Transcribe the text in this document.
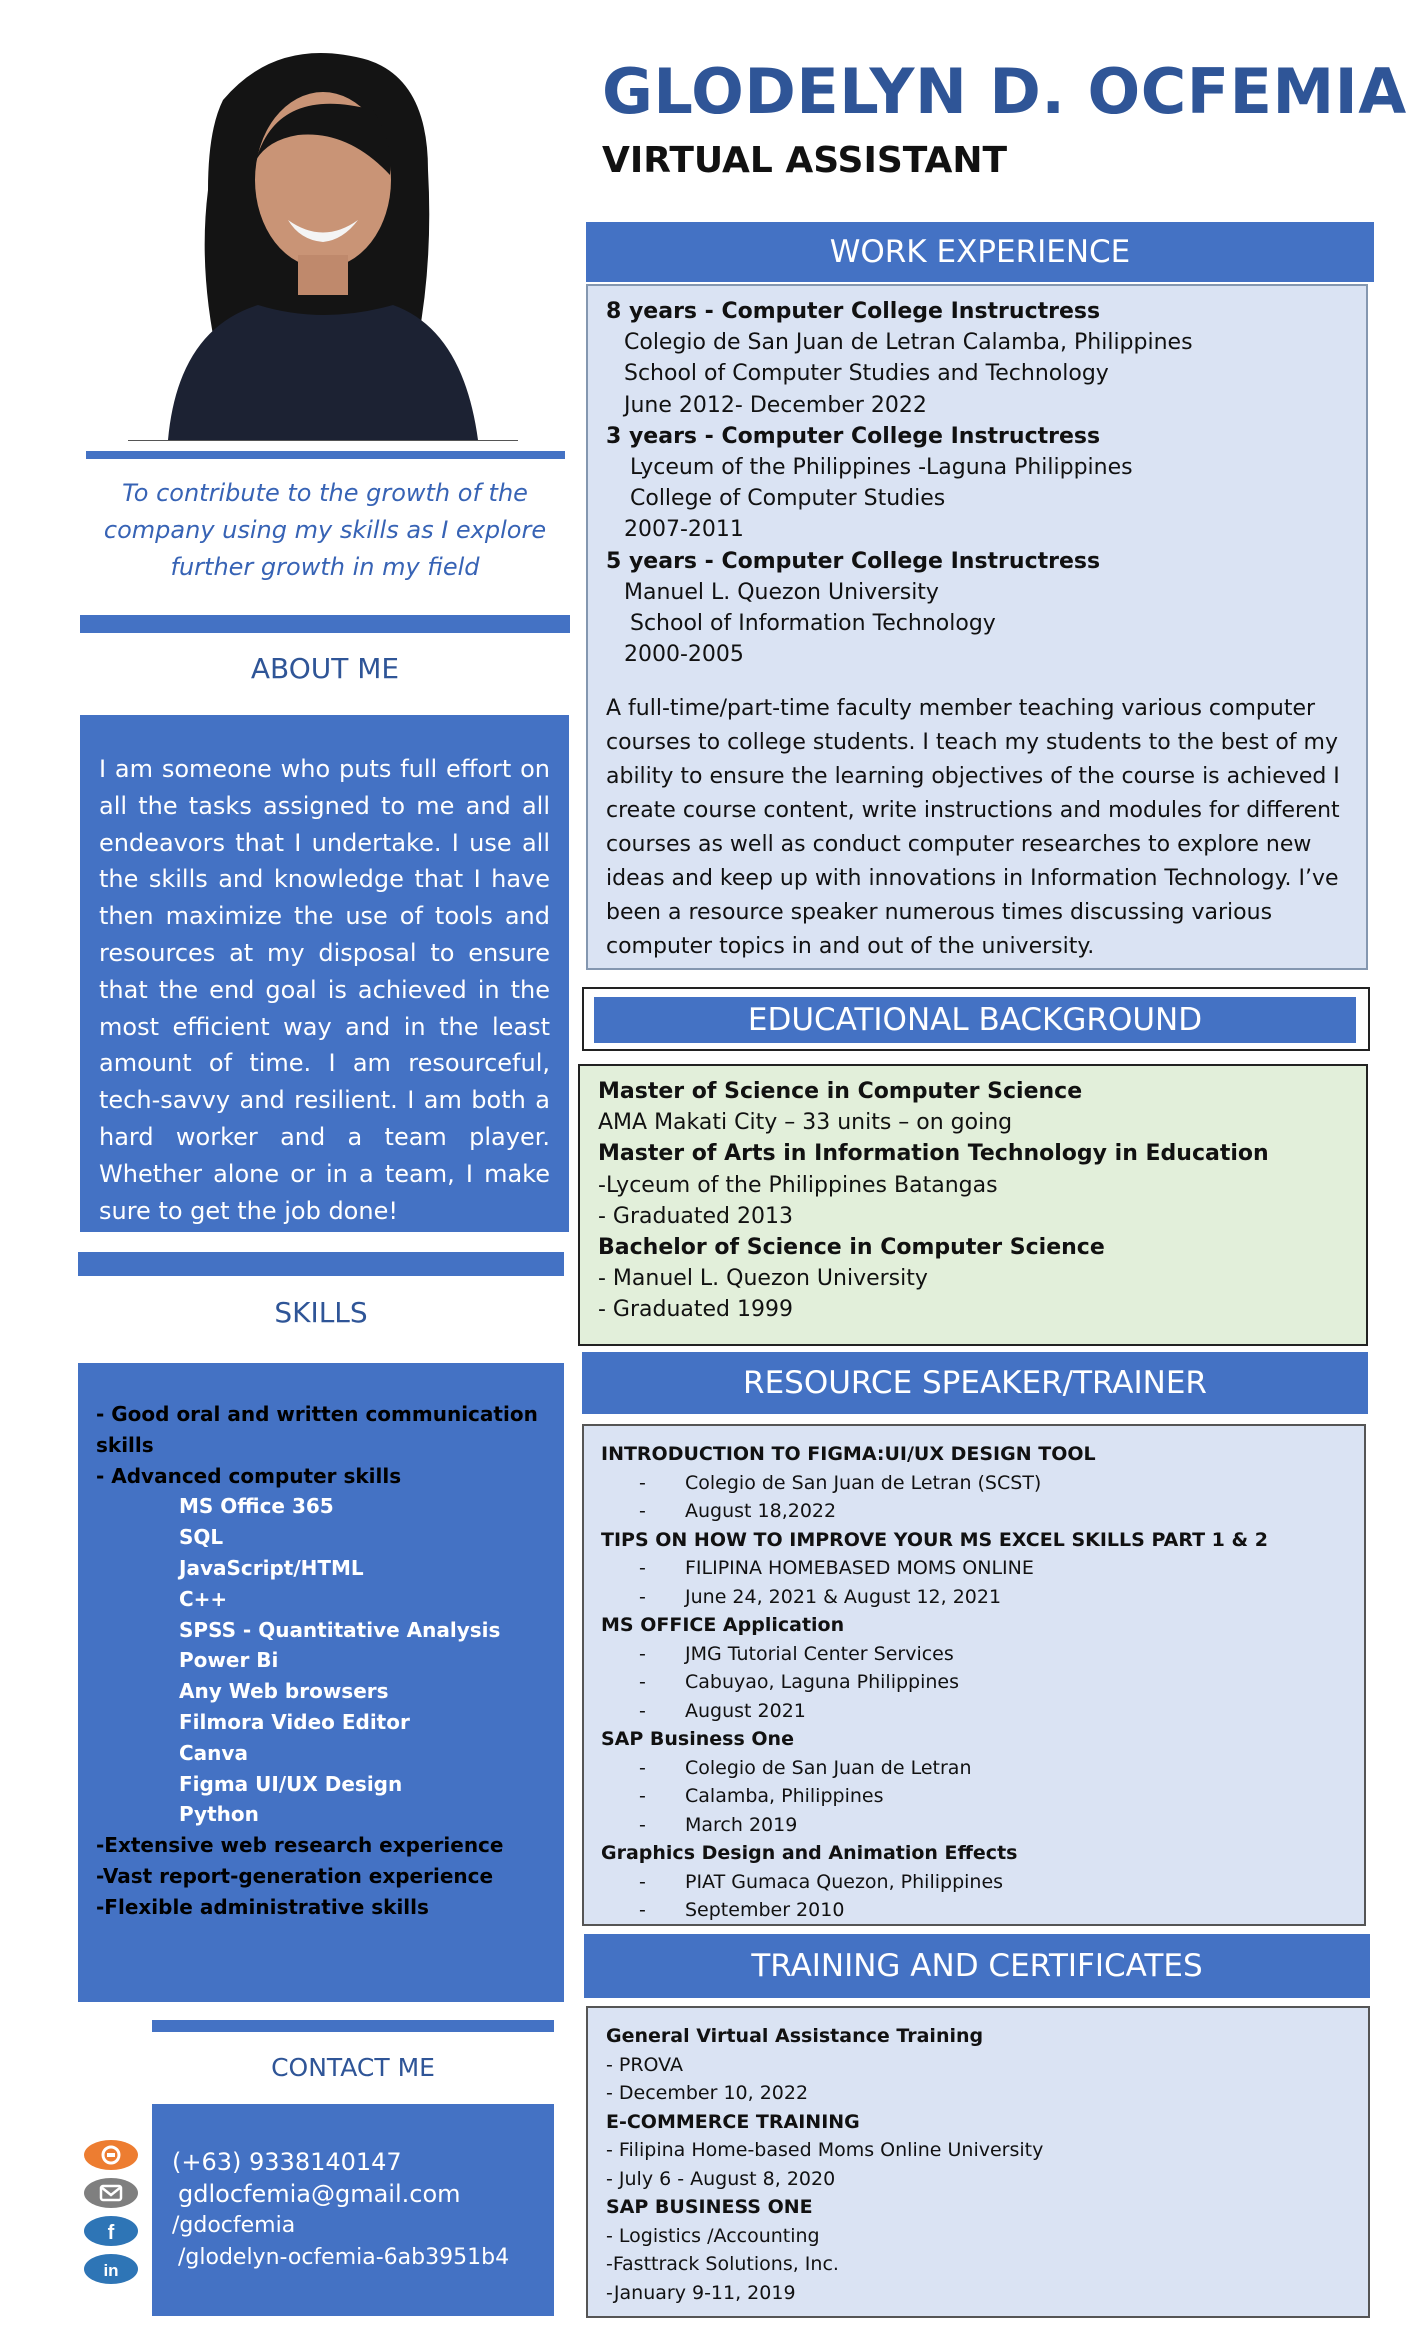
GLODELYN D. OCFEMIA
VIRTUAL ASSISTANT
To contribute to the growth of the company using my skills as I explore further growth in my field
ABOUT ME
I am someone who puts full effort on all the tasks assigned to me and all endeavors that I undertake. I use all the skills and knowledge that I have then maximize the use of tools and resources at my disposal to ensure that the end goal is achieved in the most efficient way and in the least amount of time. I am resourceful, tech-savvy and resilient. I am both a hard worker and a team player. Whether alone or in a team, I make sure to get the job done!
SKILLS
- Good oral and written communication skills
- Advanced computer skills
MS Office 365
SQL
JavaScript/HTML
C++
SPSS - Quantitative Analysis
Power Bi
Any Web browsers
Filmora Video Editor
Canva
Figma UI/UX Design
Python
-Extensive web research experience
-Vast report-generation experience
-Flexible administrative skills
CONTACT ME
f
in
(+63) 9338140147
gdlocfemia@gmail.com
/gdocfemia
/glodelyn-ocfemia-6ab3951b4
WORK EXPERIENCE
8 years - Computer College Instructress
Colegio de San Juan de Letran Calamba, Philippines
School of Computer Studies and Technology
June 2012- December 2022
3 years - Computer College Instructress
Lyceum of the Philippines -Laguna Philippines
College of Computer Studies
2007-2011
5 years - Computer College Instructress
Manuel L. Quezon University
School of Information Technology
2000-2005
A full-time/part-time faculty member teaching various computer courses to college students. I teach my students to the best of my ability to ensure the learning objectives of the course is achieved I create course content, write instructions and modules for different courses as well as conduct computer researches to explore new ideas and keep up with innovations in Information Technology. I’ve been a resource speaker numerous times discussing various computer topics in and out of the university.
EDUCATIONAL BACKGROUND
Master of Science in Computer Science
AMA Makati City – 33 units – on going
Master of Arts in Information Technology in Education
-Lyceum of the Philippines Batangas
- Graduated 2013
Bachelor of Science in Computer Science
- Manuel L. Quezon University
- Graduated 1999
RESOURCE SPEAKER/TRAINER
INTRODUCTION TO FIGMA:UI/UX DESIGN TOOL
-	Colegio de San Juan de Letran (SCST)
-	August 18,2022
TIPS ON HOW TO IMPROVE YOUR MS EXCEL SKILLS PART 1 & 2
-	FILIPINA HOMEBASED MOMS ONLINE
-	June 24, 2021 & August 12, 2021
MS OFFICE Application
-	JMG Tutorial Center Services
-	Cabuyao, Laguna Philippines
-	August 2021
SAP Business One
-	Colegio de San Juan de Letran
-	Calamba, Philippines
-	March 2019
Graphics Design and Animation Effects
-	PIAT Gumaca Quezon, Philippines
-	September 2010
TRAINING AND CERTIFICATES
General Virtual Assistance Training
- PROVA
- December 10, 2022
E-COMMERCE TRAINING
- Filipina Home-based Moms Online University
- July 6 - August 8, 2020
SAP BUSINESS ONE
- Logistics /Accounting
-Fasttrack Solutions, Inc.
-January 9-11, 2019
